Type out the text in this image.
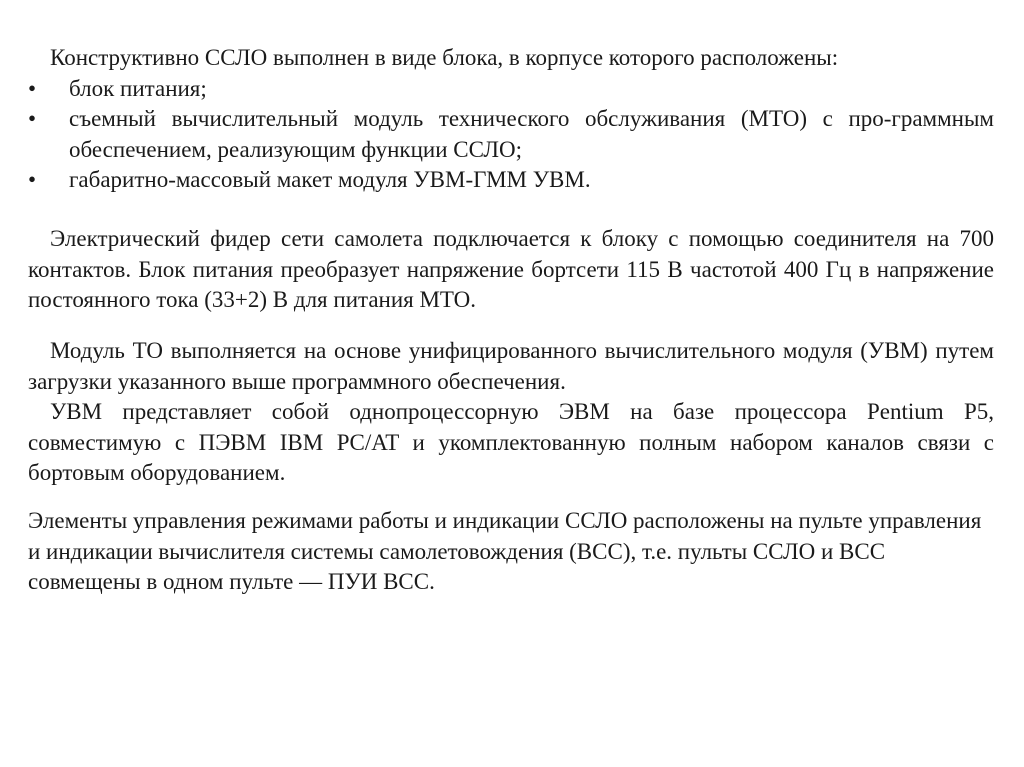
Конструктивно ССЛО выполнен в виде блока, в корпусе которого расположены:

• блок питания;
• съемный вычислительный модуль технического обслуживания (МТО) с про-граммным обеспечением, реализующим функции ССЛО;
• габаритно-массовый макет модуля УВМ-ГММ УВМ.

Электрический фидер сети самолета подключается к блоку с помощью соединителя на 700 контактов. Блок питания преобразует напряжение бортсети 115 В частотой 400 Гц в напряжение постоянного тока (33+2) В для питания МТО.

Модуль ТО выполняется на основе унифицированного вычислительного модуля (УВМ) путем загрузки указанного выше программного обеспечения.

УВМ представляет собой однопроцессорную ЭВМ на базе процессора Pentium P5, совместимую с ПЭВМ IBM PC/AT и укомплектованную полным набором каналов связи с бортовым оборудованием.

Элементы управления режимами работы и индикации ССЛО расположены на пульте управления и индикации вычислителя системы самолетовождения (ВСС), т.е. пульты ССЛО и ВСС совмещены в одном пульте — ПУИ ВСС.
